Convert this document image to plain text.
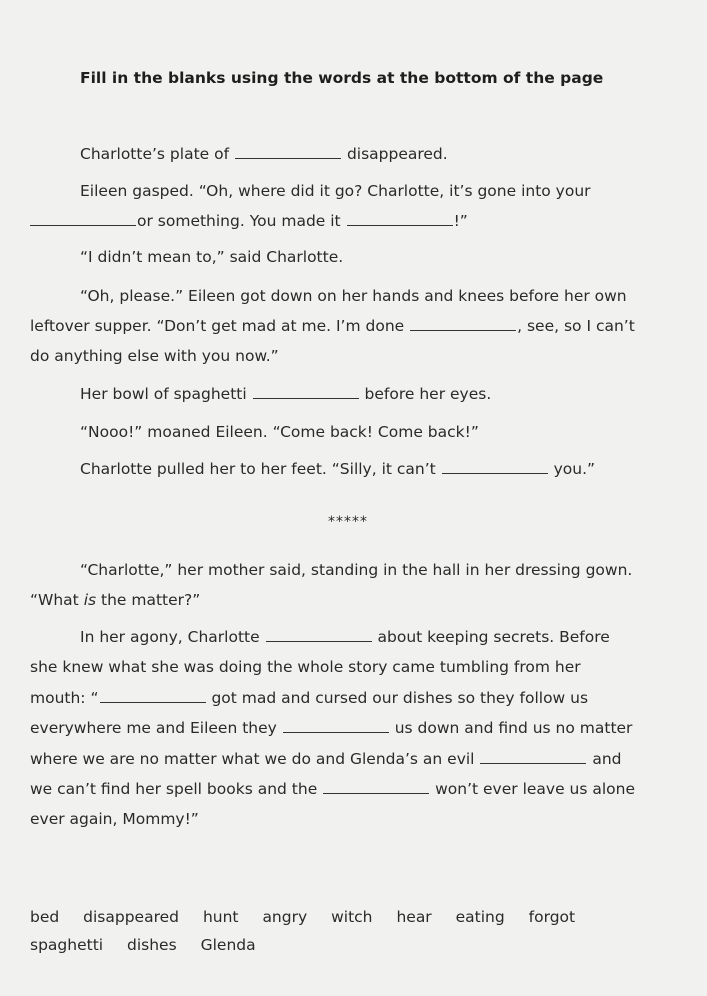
Fill in the blanks using the words at the bottom of the page
Charlotte’s plate of	disappeared.
Eileen gasped. “Oh, where did it go? Charlotte, it’s gone into your
or something. You made it	!”
“I didn’t mean to,” said Charlotte.
“Oh, please.” Eileen got down on her hands and knees before her own
leftover supper. “Don’t get mad at me. I’m done	, see, so I can’t
do anything else with you now.”
Her bowl of spaghetti	before her eyes.
“Nooo!” moaned Eileen. “Come back! Come back!”
Charlotte pulled her to her feet. “Silly, it can’t	you.”
*****
“Charlotte,” her mother said, standing in the hall in her dressing gown.
“What is the matter?”
In her agony, Charlotte	about keeping secrets. Before
she knew what she was doing the whole story came tumbling from her
mouth: “	got mad and cursed our dishes so they follow us
everywhere me and Eileen they	us down and find us no matter
where we are no matter what we do and Glenda’s an evil	and
we can’t find her spell books and the	won’t ever leave us alone
ever again, Mommy!”
bed disappeared hunt angry witch hear eating forgot
spaghetti dishes Glenda
